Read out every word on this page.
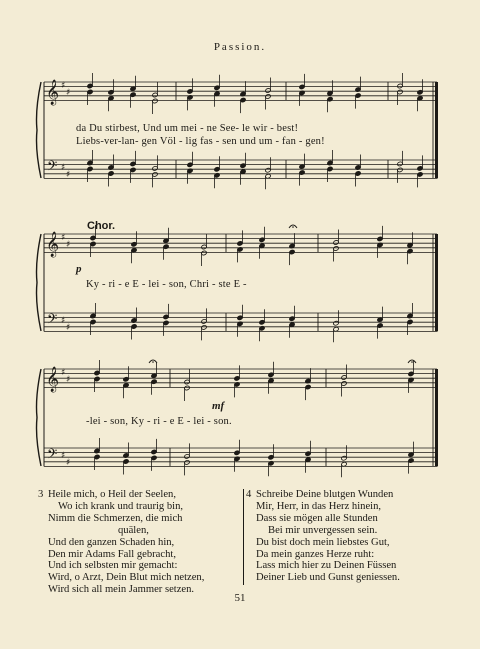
Passion.
𝄞
𝄢
♯
♯
♯
♯
𝄞
𝄢
♯
♯
♯
♯
𝄞
𝄢
♯
♯
♯
♯
da Du stirbest, Und um mei - ne See- le wir - best!
Liebs-ver-lan- gen Völ - lig fas - sen und um - fan - gen!
Chor.
p
Ky - ri - e E - lei - son, Chri - ste E -
mf
-lei - son, Ky - ri - e E - lei - son.
3 Heile mich, o Heil der Seelen,
Wo ich krank und traurig bin,
Nimm die Schmerzen, die mich
quälen,
Und den ganzen Schaden hin,
Den mir Adams Fall gebracht,
Und ich selbsten mir gemacht:
Wird, o Arzt, Dein Blut mich netzen,
Wird sich all mein Jammer setzen.
4 Schreibe Deine blutgen Wunden
Mir, Herr, in das Herz hinein,
Dass sie mögen alle Stunden
Bei mir unvergessen sein.
Du bist doch mein liebstes Gut,
Da mein ganzes Herze ruht:
Lass mich hier zu Deinen Füssen
Deiner Lieb und Gunst geniessen.
51
